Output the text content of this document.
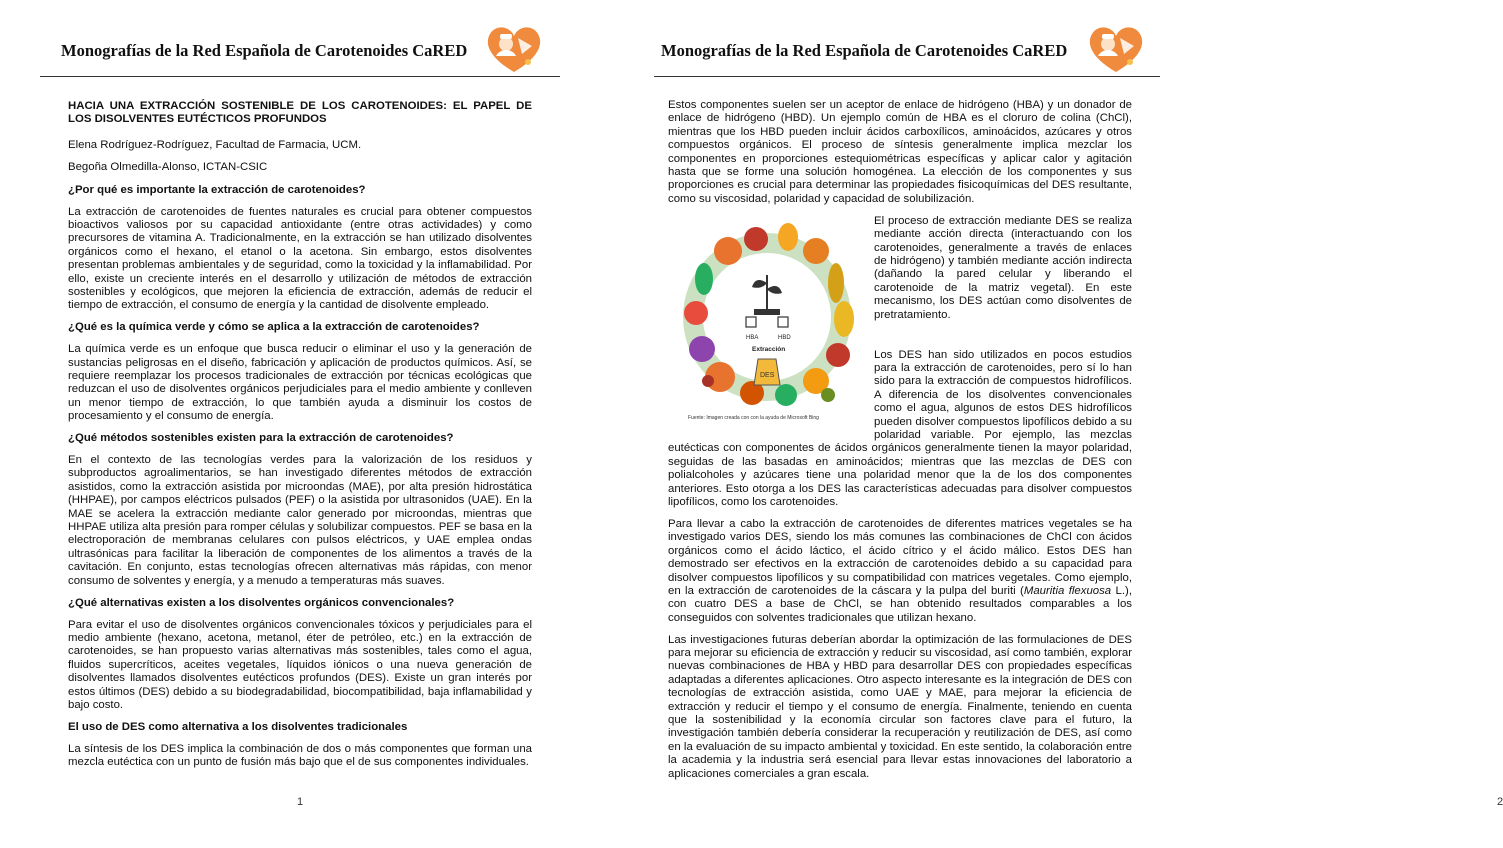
Monografías de la Red Española de Carotenoides CaRED

HACIA UNA EXTRACCIÓN SOSTENIBLE DE LOS CAROTENOIDES: EL PAPEL DE LOS DISOLVENTES EUTÉCTICOS PROFUNDOS

Elena Rodríguez-Rodríguez, Facultad de Farmacia, UCM.

Begoña Olmedilla-Alonso, ICTAN-CSIC

¿Por qué es importante la extracción de carotenoides?

La extracción de carotenoides de fuentes naturales es crucial para obtener compuestos bioactivos valiosos por su capacidad antioxidante (entre otras actividades) y como precursores de vitamina A. Tradicionalmente, en la extracción se han utilizado disolventes orgánicos como el hexano, el etanol o la acetona. Sin embargo, estos disolventes presentan problemas ambientales y de seguridad, como la toxicidad y la inflamabilidad. Por ello, existe un creciente interés en el desarrollo y utilización de métodos de extracción sostenibles y ecológicos, que mejoren la eficiencia de extracción, además de reducir el tiempo de extracción, el consumo de energía y la cantidad de disolvente empleado.

¿Qué es la química verde y cómo se aplica a la extracción de carotenoides?

La química verde es un enfoque que busca reducir o eliminar el uso y la generación de sustancias peligrosas en el diseño, fabricación y aplicación de productos químicos. Así, se requiere reemplazar los procesos tradicionales de extracción por técnicas ecológicas que reduzcan el uso de disolventes orgánicos perjudiciales para el medio ambiente y conlleven un menor tiempo de extracción, lo que también ayuda a disminuir los costos de procesamiento y el consumo de energía.

¿Qué métodos sostenibles existen para la extracción de carotenoides?

En el contexto de las tecnologías verdes para la valorización de los residuos y subproductos agroalimentarios, se han investigado diferentes métodos de extracción asistidos, como la extracción asistida por microondas (MAE), por alta presión hidrostática (HHPAE), por campos eléctricos pulsados (PEF) o la asistida por ultrasonidos (UAE). En la MAE se acelera la extracción mediante calor generado por microondas, mientras que HHPAE utiliza alta presión para romper células y solubilizar compuestos. PEF se basa en la electroporación de membranas celulares con pulsos eléctricos, y UAE emplea ondas ultrasónicas para facilitar la liberación de componentes de los alimentos a través de la cavitación. En conjunto, estas tecnologías ofrecen alternativas más rápidas, con menor consumo de solventes y energía, y a menudo a temperaturas más suaves.

¿Qué alternativas existen a los disolventes orgánicos convencionales?

Para evitar el uso de disolventes orgánicos convencionales tóxicos y perjudiciales para el medio ambiente (hexano, acetona, metanol, éter de petróleo, etc.) en la extracción de carotenoides, se han propuesto varias alternativas más sostenibles, tales como el agua, fluidos supercríticos, aceites vegetales, líquidos iónicos o una nueva generación de disolventes llamados disolventes eutécticos profundos (DES). Existe un gran interés por estos últimos (DES) debido a su biodegradabilidad, biocompatibilidad, baja inflamabilidad y bajo costo.

El uso de DES como alternativa a los disolventes tradicionales

La síntesis de los DES implica la combinación de dos o más componentes que forman una mezcla eutéctica con un punto de fusión más bajo que el de sus componentes individuales.

1
Monografías de la Red Española de Carotenoides CaRED

Estos componentes suelen ser un aceptor de enlace de hidrógeno (HBA) y un donador de enlace de hidrógeno (HBD). Un ejemplo común de HBA es el cloruro de colina (ChCl), mientras que los HBD pueden incluir ácidos carboxílicos, aminoácidos, azúcares y otros compuestos orgánicos. El proceso de síntesis generalmente implica mezclar los componentes en proporciones estequiométricas específicas y aplicar calor y agitación hasta que se forme una solución homogénea. La elección de los componentes y sus proporciones es crucial para determinar las propiedades fisicoquímicas del DES resultante, como su viscosidad, polaridad y capacidad de solubilización.

HBA	HBD
Extracción
DES
Fuente: Imagen creada con con la ayuda de Microsoft Bing

El proceso de extracción mediante DES se realiza mediante acción directa (interactuando con los carotenoides, generalmente a través de enlaces de hidrógeno) y también mediante acción indirecta (dañando la pared celular y liberando el carotenoide de la matriz vegetal). En este mecanismo, los DES actúan como disolventes de pretratamiento.

Los DES han sido utilizados en pocos estudios para la extracción de carotenoides, pero sí lo han sido para la extracción de compuestos hidrofílicos. A diferencia de los disolventes convencionales como el agua, algunos de estos DES hidrofílicos pueden disolver compuestos lipofílicos debido a su polaridad variable. Por ejemplo, las mezclas eutécticas con componentes de ácidos orgánicos generalmente tienen la mayor polaridad, seguidas de las basadas en aminoácidos; mientras que las mezclas de DES con polialcoholes y azúcares tiene una polaridad menor que la de los dos componentes anteriores. Esto otorga a los DES las características adecuadas para disolver compuestos lipofílicos, como los carotenoides.

Para llevar a cabo la extracción de carotenoides de diferentes matrices vegetales se ha investigado varios DES, siendo los más comunes las combinaciones de ChCl con ácidos orgánicos como el ácido láctico, el ácido cítrico y el ácido málico. Estos DES han demostrado ser efectivos en la extracción de carotenoides debido a su capacidad para disolver compuestos lipofílicos y su compatibilidad con matrices vegetales. Como ejemplo, en la extracción de carotenoides de la cáscara y la pulpa del buriti (Mauritia flexuosa L.), con cuatro DES a base de ChCl, se han obtenido resultados comparables a los conseguidos con solventes tradicionales que utilizan hexano.

Las investigaciones futuras deberían abordar la optimización de las formulaciones de DES para mejorar su eficiencia de extracción y reducir su viscosidad, así como también, explorar nuevas combinaciones de HBA y HBD para desarrollar DES con propiedades específicas adaptadas a diferentes aplicaciones. Otro aspecto interesante es la integración de DES con tecnologías de extracción asistida, como UAE y MAE, para mejorar la eficiencia de extracción y reducir el tiempo y el consumo de energía. Finalmente, teniendo en cuenta que la sostenibilidad y la economía circular son factores clave para el futuro, la investigación también debería considerar la recuperación y reutilización de DES, así como en la evaluación de su impacto ambiental y toxicidad. En este sentido, la colaboración entre la academia y la industria será esencial para llevar estas innovaciones del laboratorio a aplicaciones comerciales a gran escala.

2
